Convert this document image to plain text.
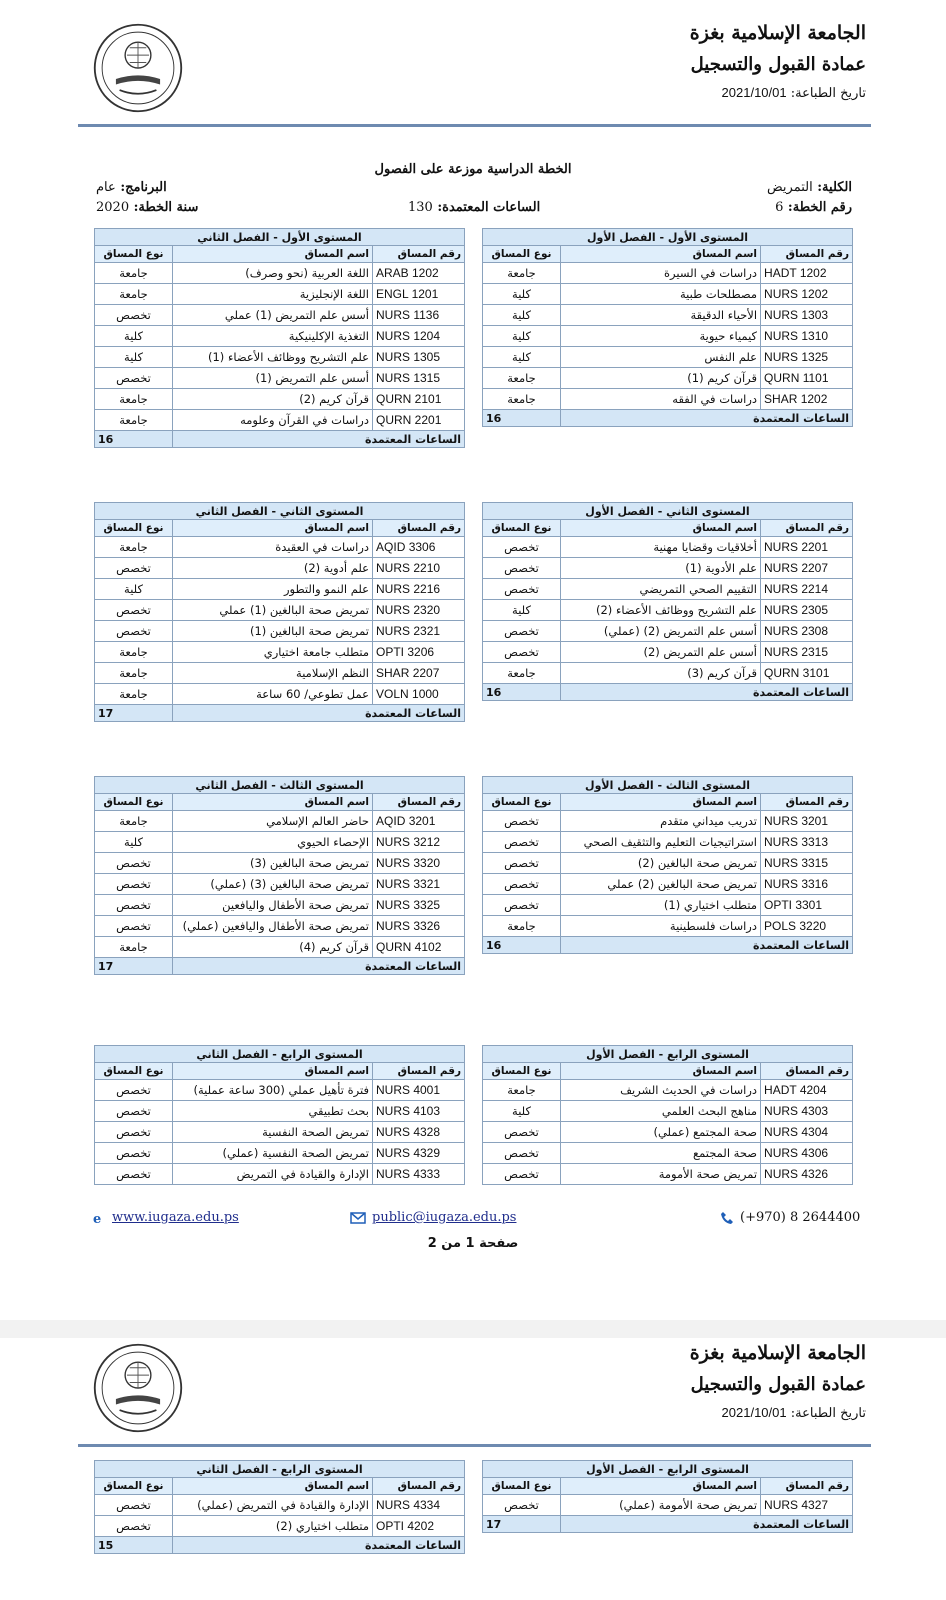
الجامعة الإسلامية بغزة
عمادة القبول والتسجيل
تاريخ الطباعة: 2021/10/01
الخطة الدراسية موزعة على الفصول
الكلية: التمريض
رقم الخطة: 6
الساعات المعتمدة: 130
البرنامج: عام
سنة الخطة: 2020
المستوى الأول - الفصل الأول		
رقم المساق	اسم المساق	نوع المساق
HADT 1202	دراسات في السيرة	جامعة
NURS 1202	مصطلحات طبية	كلية
NURS 1303	الأحياء الدقيقة	كلية
NURS 1310	كيمياء حيوية	كلية
NURS 1325	علم النفس	كلية
QURN 1101	قرآن كريم (1)	جامعة
SHAR 1202	دراسات في الفقه	جامعة
الساعات المعتمدة		16
المستوى الأول - الفصل الثاني		
رقم المساق	اسم المساق	نوع المساق
ARAB 1202	اللغة العربية (نحو وصرف)	جامعة
ENGL 1201	اللغة الإنجليزية	جامعة
NURS 1136	أسس علم التمريض (1) عملي	تخصص
NURS 1204	التغذية الإكلينيكية	كلية
NURS 1305	علم التشريح ووظائف الأعضاء (1)	كلية
NURS 1315	أسس علم التمريض (1)	تخصص
QURN 2101	قرآن كريم (2)	جامعة
QURN 2201	دراسات في القرآن وعلومه	جامعة
الساعات المعتمدة		16
المستوى الثاني - الفصل الأول		
رقم المساق	اسم المساق	نوع المساق
NURS 2201	أخلاقيات وقضايا مهنية	تخصص
NURS 2207	علم الأدوية (1)	تخصص
NURS 2214	التقييم الصحي التمريضي	تخصص
NURS 2305	علم التشريح ووظائف الأعضاء (2)	كلية
NURS 2308	أسس علم التمريض (2) (عملي)	تخصص
NURS 2315	أسس علم التمريض (2)	تخصص
QURN 3101	قرآن كريم (3)	جامعة
الساعات المعتمدة		16
المستوى الثاني - الفصل الثاني		
رقم المساق	اسم المساق	نوع المساق
AQID 3306	دراسات في العقيدة	جامعة
NURS 2210	علم أدوية (2)	تخصص
NURS 2216	علم النمو والتطور	كلية
NURS 2320	تمريض صحة البالغين (1) عملي	تخصص
NURS 2321	تمريض صحة البالغين (1)	تخصص
OPTI 3206	متطلب جامعة اختياري	جامعة
SHAR 2207	النظم الإسلامية	جامعة
VOLN 1000	عمل تطوعي/ 60 ساعة	جامعة
الساعات المعتمدة		17
المستوى الثالث - الفصل الأول		
رقم المساق	اسم المساق	نوع المساق
NURS 3201	تدريب ميداني متقدم	تخصص
NURS 3313	استراتيجيات التعليم والتثقيف الصحي	تخصص
NURS 3315	تمريض صحة البالغين (2)	تخصص
NURS 3316	تمريض صحة البالغين (2) عملي	تخصص
OPTI 3301	متطلب اختياري (1)	تخصص
POLS 3220	دراسات فلسطينية	جامعة
الساعات المعتمدة		16
المستوى الثالث - الفصل الثاني		
رقم المساق	اسم المساق	نوع المساق
AQID 3201	حاضر العالم الإسلامي	جامعة
NURS 3212	الإحصاء الحيوي	كلية
NURS 3320	تمريض صحة البالغين (3)	تخصص
NURS 3321	تمريض صحة البالغين (3) (عملي)	تخصص
NURS 3325	تمريض صحة الأطفال واليافعين	تخصص
NURS 3326	تمريض صحة الأطفال واليافعين (عملي)	تخصص
QURN 4102	قرآن كريم (4)	جامعة
الساعات المعتمدة		17
المستوى الرابع - الفصل الأول		
رقم المساق	اسم المساق	نوع المساق
HADT 4204	دراسات في الحديث الشريف	جامعة
NURS 4303	مناهج البحث العلمي	كلية
NURS 4304	صحة المجتمع (عملي)	تخصص
NURS 4306	صحة المجتمع	تخصص
NURS 4326	تمريض صحة الأمومة	تخصص
المستوى الرابع - الفصل الثاني		
رقم المساق	اسم المساق	نوع المساق
NURS 4001	فترة تأهيل عملي (300 ساعة عملية)	تخصص
NURS 4103	بحث تطبيقي	تخصص
NURS 4328	تمريض الصحة النفسية	تخصص
NURS 4329	تمريض الصحة النفسية (عملي)	تخصص
NURS 4333	الإدارة والقيادة في التمريض	تخصص
e www.iugaza.edu.ps	public@iugaza.edu.ps	(+970) 8 2644400
صفحة 1 من 2
الجامعة الإسلامية بغزة
عمادة القبول والتسجيل
تاريخ الطباعة: 2021/10/01
المستوى الرابع - الفصل الأول		
رقم المساق	اسم المساق	نوع المساق
NURS 4327	تمريض صحة الأمومة (عملي)	تخصص
الساعات المعتمدة		17
المستوى الرابع - الفصل الثاني		
رقم المساق	اسم المساق	نوع المساق
NURS 4334	الإدارة والقيادة في التمريض (عملي)	تخصص
OPTI 4202	متطلب اختياري (2)	تخصص
الساعات المعتمدة		15
